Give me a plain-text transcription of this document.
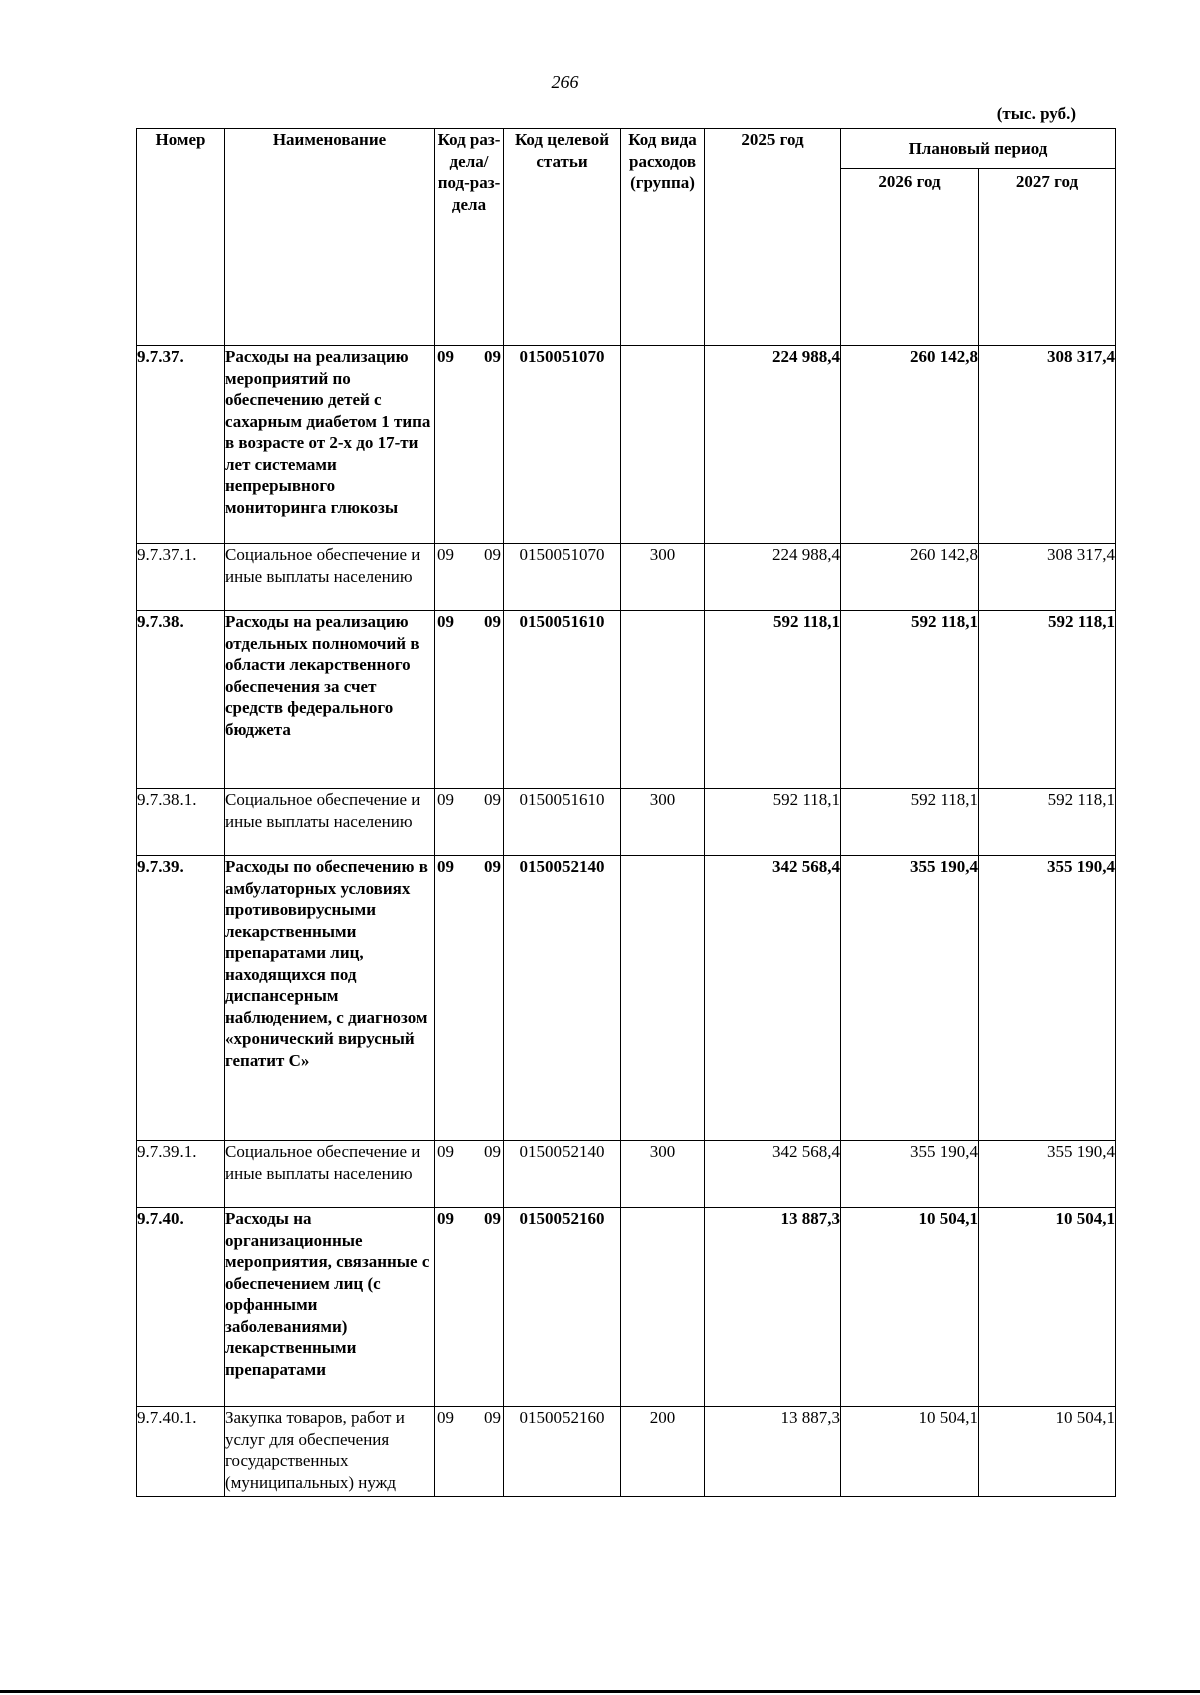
266
(тыс. руб.)
Номер	Наименование	Код раз-дела/ под-раз-дела	Код целевой статьи	Код вида расходов (группа)	2025 год	Плановый период	
						2026 год	2027 год
9.7.37.	Расходы на реализацию мероприятий по обеспечению детей с сахарным диабетом 1 типа в возрасте от 2-х до 17-ти лет системами непрерывного мониторинга глюкозы	09 09	0150051070		224 988,4	260 142,8	308 317,4
9.7.37.1.	Социальное обеспечение и иные выплаты населению	09 09	0150051070	300	224 988,4	260 142,8	308 317,4
9.7.38.	Расходы на реализацию отдельных полномочий в области лекарственного обеспечения за счет средств федерального бюджета	09 09	0150051610		592 118,1	592 118,1	592 118,1
9.7.38.1.	Социальное обеспечение и иные выплаты населению	09 09	0150051610	300	592 118,1	592 118,1	592 118,1
9.7.39.	Расходы по обеспечению в амбулаторных условиях противовирусными лекарственными препаратами лиц, находящихся под диспансерным наблюдением, с диагнозом «хронический вирусный гепатит С»	09 09	0150052140		342 568,4	355 190,4	355 190,4
9.7.39.1.	Социальное обеспечение и иные выплаты населению	09 09	0150052140	300	342 568,4	355 190,4	355 190,4
9.7.40.	Расходы на организационные мероприятия, связанные с обеспечением лиц (с орфанными заболеваниями) лекарственными препаратами	09 09	0150052160		13 887,3	10 504,1	10 504,1
9.7.40.1.	Закупка товаров, работ и услуг для обеспечения государственных (муниципальных) нужд	09 09	0150052160	200	13 887,3	10 504,1	10 504,1
